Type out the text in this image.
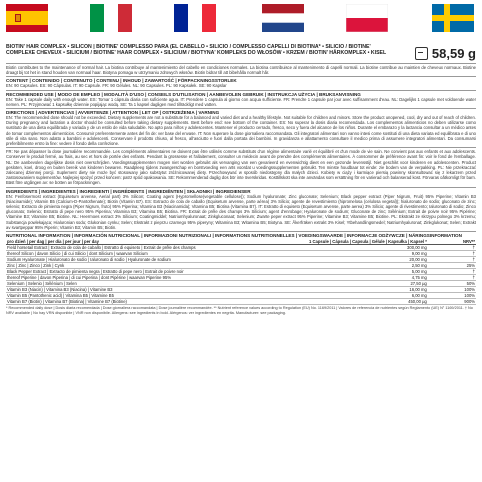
BIOTIN' HAIR COMPLEX • SILICON | BIOTINE' COMPLESSO PARA (EL CABELLO • SILICIO / COMPLESSO CAPELLI DI BIOTINA* • SILICIO / BIOTINE' COMPLEXE CHEVEUX • SILICIUM / BIOTINE' HAAR COMPLEX • SILICIUM / BIOTYNA' KOMPLEKS DO WŁOSÓW • KRZEM / BIOTIN' HÅRKOMPLEX • KISEL	58,59 g
Biotin contributes to the maintenance of normal hair. La biotina contribuye al mantenimiento del cabello en condiciones normales. La biotina contribuisce al mantenimento di capelli normali. La biotine contribue au maintien de cheveux normaux. Biotine draagt bij tot het in stand houden van normaal haar. Biotyna pomaga w utrzymaniu zdrowych włosów. Biotin bidrar till att bibehålla normalt hår.
CONTENT | CONTENIDO | CONTENUTO | CONTENU | INHOUD | ZAWARTOŚĆ | FÖRPACKNINGSSTORLEK
EN: 90 Capsules. ES: 90 Cápsulas. IT: 90 Capsule. FR: 90 Gélules. NL: 90 Capsules. PL: 90 Kapsułek. SE: 90 Kapslar
RECOMMENDED USE | MODO DE EMPLEO | MODALITÀ D'USO | CONSEILS D'UTILISATION | AANBEVOLEN GEBRUIK | INSTRUKCJA UŻYCIA | BRUKSANVISNING
EN: Take 1 capsule daily with enough water. ES: Tomar 1 cápsula diaria con suficiente agua. IT: Prendere 1 capsula al giorno con acqua sufficiente. FR: Prendre 1 capsule par jour avec suffisamment d'eau. NL: Dagelijks 1 capsule met voldoende water nemen. PL: Przyjmować 1 kapsułkę dziennie popijając wodą. SE: Ta 1 kapsel dagligen med tillräckligt med vatten.
DIRECTIONS | ADVERTENCIAS | AVVERTENZE | ATTENTION | LET OP | OSTRZEŻENIA | VARNING
EN: The recommended dose should not be exceeded. Dietary supplements are not a substitute for a balanced and varied diet and a healthy lifestyle. Not suitable for children and minors. Store the product unopened, cool, dry and out of reach of children. During pregnancy and lactation a doctor should be consulted before taking dietary supplements. Best before end: see bottom of the container. ES: No superar la dosis diaria recomendada. Los complementos alimenticios no deben utilizarse como sustituto de una dieta equilibrada y variada y de un estilo de vida saludable. No apto para niños y adolescentes. Mantener el producto cerrado, fresco, seco y fuera del alcance de los niños. Durante el embarazo y la lactancia consultar a un médico antes de tomar complementos alimenticios. Consumir preferentemente antes del fin de: ver base del envase. IT: Non superare la dose giornaliera raccomandata. Gli integratori alimentari non vanno intesi come sostituti di una dieta variata ed equilibrata e di uno stile di vita sano. Non adatto a bambini e adolescenti. Conservare il prodotto chiuso, al fresco, all'asciutto e fuori dalla portata dei bambini. In gravidanza e allattamento consultare il medico prima di assumere integratori alimentari. Da consumarsi preferibilmente entro la fine: vedere il fondo della confezione.
FR: Ne pas dépasser la dose journalière recommandée. Les compléments alimentaires ne doivent pas être utilisés comme substituts d'un régime alimentaire varié et équilibré et d'un mode de vie sain. Ne convient pas aux enfants et aux adolescents. Conserver le produit fermé, au frais, au sec et hors de portée des enfants. Pendant la grossesse et l'allaitement, consulter un médecin avant de prendre des compléments alimentaires. À consommer de préférence avant fin: voir le fond de l'emballage. NL: De aanbevolen dagelijkse dosis niet overschrijden. Voedingssupplementen mogen niet worden gebruikt als vervanging van een gevarieerd en evenwichtig dieet en een gezonde levensstijl. Niet geschikt voor kinderen en adolescenten. Product gesloten, koel, droog en buiten bereik van kinderen bewaren. Raadpleeg tijdens zwangerschap en borstvoeding een arts voordat u voedingssupplementen gebruikt. Ten minste houdbaar tot einde: zie bodem van de verpakking. PL: Nie przekraczać zalecanej dziennej porcji. Suplement diety nie może być stosowany jako substytut zróżnicowanej diety. Przechowywać w sposób niedostępny dla małych dzieci. Kobiety w ciąży i karmiące piersią powinny skonsultować się z lekarzem przed zastosowaniem suplementów. Najlepiej spożyć przed końcem: patrz spód opakowania. SE: Rekommenderad daglig dos bör inte överskridas. Kosttillskott ska inte användas som ersättning för en varierad och balanserad kost. Förvaras oåtkomligt för barn. Bäst före utgången av: se botten av förpackningen.
INGREDIENTS | INGREDIENTES | INGREDIENTI | INGRÉDIENTS | INGREDIËNTEN | SKŁADNIKI | INGREDIENSER
EN: Fenfosermost extract (Equisetum arvense, Aerial part) 3% Silicon; Coating agent (Hypromellose(vegetable cellulose)); Sodium hyaluronate; Zinc gluconate; Selenium; Black pepper extract (Piper Nigrum, Fruit) 95% Piperine; Vitamin B3 (Niacinamide); Vitamin B5 (Calcium-D-Pantothenate); Biotin (Vitamin B7). ES: Extracto de cola de caballo (Equisetum arvense, parte aérea) 3% Silicio; agente de revestimiento (hipromelosa (celulosa vegetal)); hialuronato de sodio; gluconato de zinc; selenio; Extracto de pimienta negra (Piper Nigrum, fruto) 95% Piperina; Vitamina B3 (Niacinamida); Vitamina B5; Biotina (Vitamina B7). IT: Estratto di equiseto (Equisetum arvense, parte aerea) 3% Silicio; agente di rivestimento; Ialuronato di sodio; Zinco gluconato; Selenio; Estratto di pepe nero 95% Piperina; Vitamina B3; Vitamina B5; Biotina. FR: Extrait de prêle des champs 3% Silicium; agent d'enrobage; Hyaluronate de sodium; Gluconate de zinc; Sélénium; Extrait de poivre noir 95% Pipérine; Vitamine B3; Vitamine B5; Biotine. NL: Heermoes extract 3% Silicium; Coatingmiddel; Natriumhyaluronaat; Zinkgluconaat; Selenium; Zwarte peper extract 95% Piperine; Vitamine B3; Vitamine B5; Biotine. PL: Ekstrakt ze skrzypu polnego 3% krzemu; Substancja powlekająca; Hialuronian sodu; Glukonian cynku; Selen; Ekstrakt z pieprzu czarnego 95% piperyny; Witamina B3; Witamina B5; Biotyna. SE: Åkerfräken extrakt 3% Kisel; Ytbehandlingsmedel; Natriumhyaluronat; Zinkglukonat; Selen; Extrakt av svartpeppar 95% Piperin; Vitamin B3; Vitamin B5; Biotin.
NUTRITIONAL INFORMATION | INFORMACIÓN NUTRICIONAL | INFORMAZIONI NUTRIZIONALI | INFORMATIONS NUTRITIONNELLES | VOEDINGSWAARDE | INFORMACJE ODŻYWCZE | NÄRINGSINFORMATION
pro dzień | per dag | per día | per jour | per day	1 Capsule | Cápsula | Capsula | Gélule | Kapsułka | Kapsel *	NRV**
Field horsetail Extract | Extracto de cola de caballo | Estratto di equiseto | Extrait de prêle des champs	300,00 mg	†
thereof Silicon | davon Silicio | di cui Silicio | dont Silicium | waarvan Silicium	9,00 mg	†
Sodium Hyaluronate | Hialuronato de sodio | Ialuronato di sodio | Hyaluronate de sodium	20,00 mg	†
Zinc | Zinc | Zinco | Zink | Cynk	2,50 mg	25%
Black Pepper Extract | Extracto de pimienta negra | Estratto di pepe nero | Extrait de poivre noir	5,00 mg	†
thereof Piperine | davon Piperina | di cui Piperina | dont Pipérine | waarvan Piperine 95%	4,75 mg	†
Selenium | Selenio | Sélénium | Selen	27,50 µg	50%
Vitamin B3 (Niacin) | Vitamina B3 (Niacina) | Vitamine B3	16,00 mg	100%
Vitamin B5 (Pantothenic acid) | Vitamina B5 | Vitamine B5	6,00 mg	100%
Vitamin B7 (Biotin) | Vitamina B7 (Biotina) | Vitamine B7 (Biotine)	450,00 µg	900%
* Recommended daily dose | Dosis diaria recomendada | Dose giornaliera raccomandata | Dose journalière recommandée. ** Nutrient reference values according to Regulation (EU) No. 1169/2011 | Valores de referencia de nutrientes según Reglamento (UE) N° 1169/2011. † No NRV available | No hay VRN disponible | VNR non disponibile. Allergens: see ingredients in bold. Alérgenos: ver ingredientes en negrita. Manufacturer: see packaging.
